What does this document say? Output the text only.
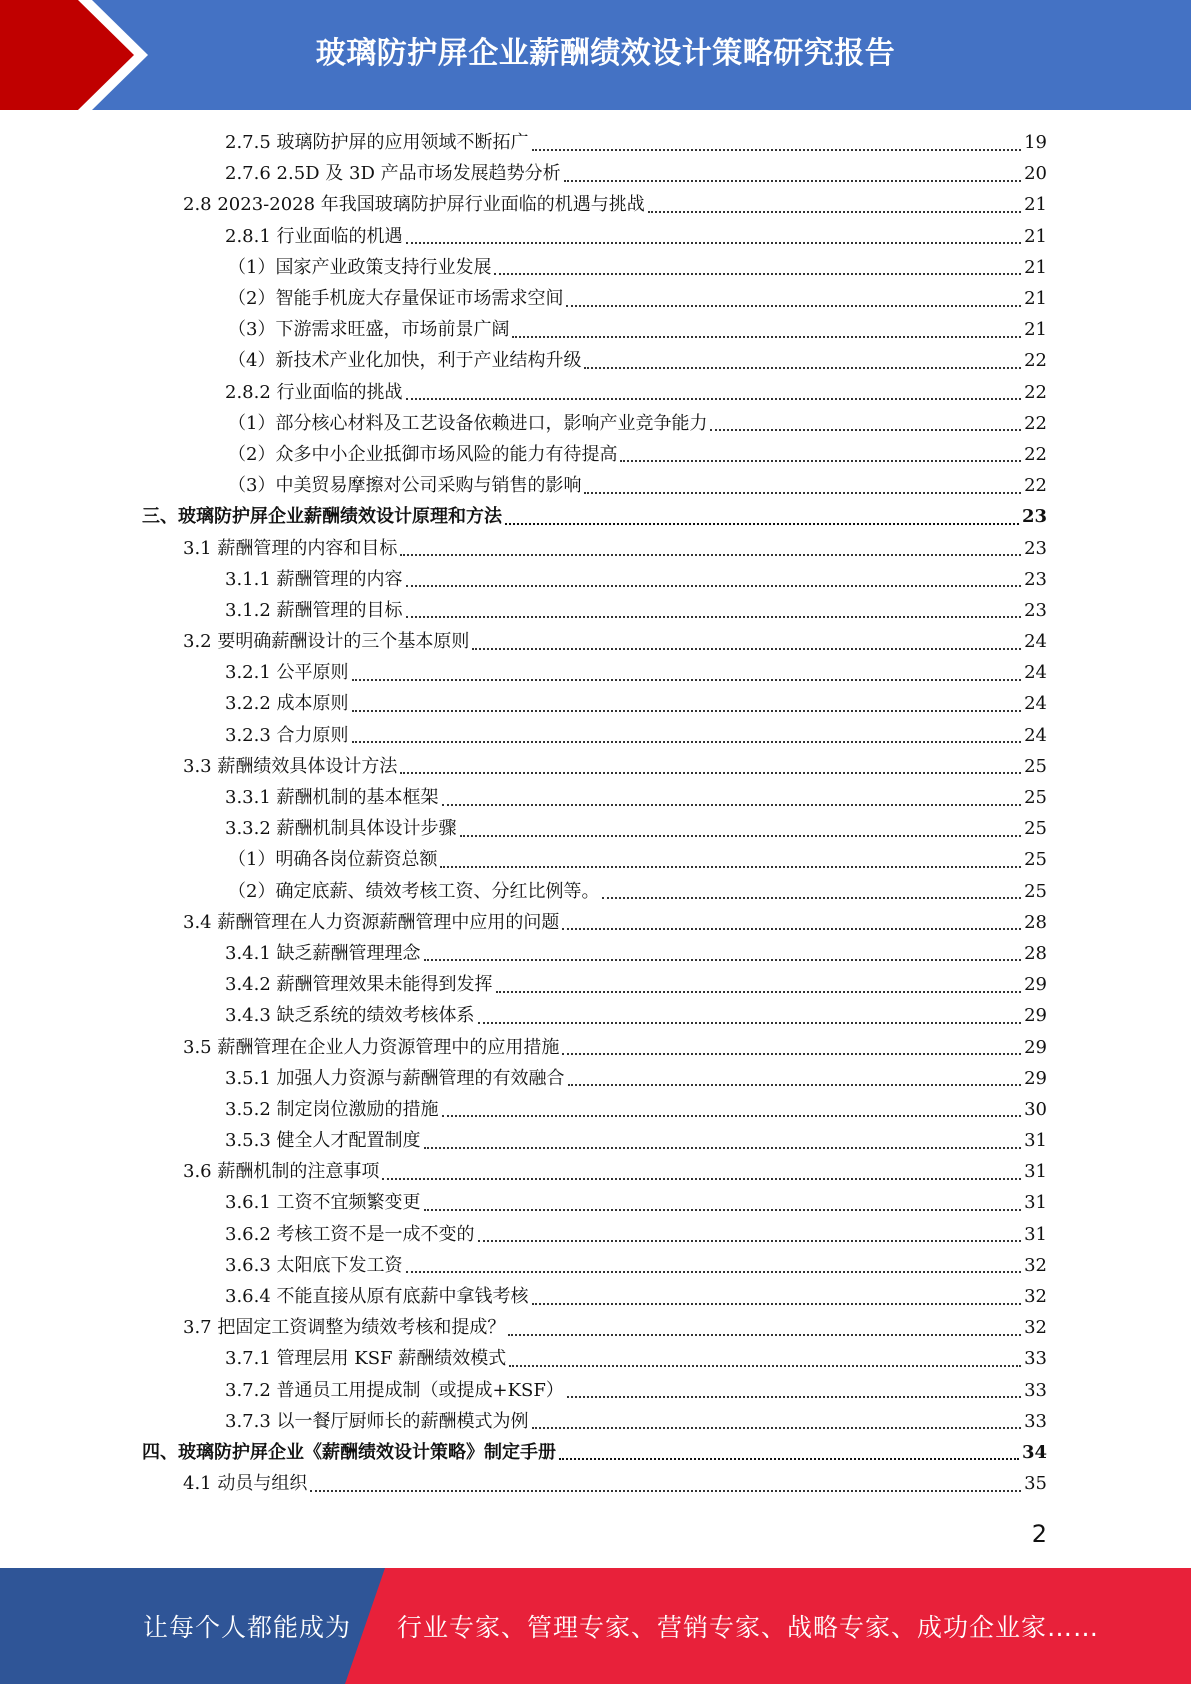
玻璃防护屏企业薪酬绩效设计策略研究报告
2.7.5 玻璃防护屏的应用领域不断拓广	19
2.7.6 2.5D 及 3D 产品市场发展趋势分析	20
2.8 2023-2028 年我国玻璃防护屏行业面临的机遇与挑战	21
2.8.1 行业面临的机遇	21
（1）国家产业政策支持行业发展	21
（2）智能手机庞大存量保证市场需求空间	21
（3）下游需求旺盛，市场前景广阔	21
（4）新技术产业化加快，利于产业结构升级	22
2.8.2 行业面临的挑战	22
（1）部分核心材料及工艺设备依赖进口，影响产业竞争能力	22
（2）众多中小企业抵御市场风险的能力有待提高	22
（3）中美贸易摩擦对公司采购与销售的影响	22
三、玻璃防护屏企业薪酬绩效设计原理和方法	23
3.1 薪酬管理的内容和目标	23
3.1.1 薪酬管理的内容	23
3.1.2 薪酬管理的目标	23
3.2 要明确薪酬设计的三个基本原则	24
3.2.1 公平原则	24
3.2.2 成本原则	24
3.2.3 合力原则	24
3.3 薪酬绩效具体设计方法	25
3.3.1 薪酬机制的基本框架	25
3.3.2 薪酬机制具体设计步骤	25
（1）明确各岗位薪资总额	25
（2）确定底薪、绩效考核工资、分红比例等。	25
3.4 薪酬管理在人力资源薪酬管理中应用的问题	28
3.4.1 缺乏薪酬管理理念	28
3.4.2 薪酬管理效果未能得到发挥	29
3.4.3 缺乏系统的绩效考核体系	29
3.5 薪酬管理在企业人力资源管理中的应用措施	29
3.5.1 加强人力资源与薪酬管理的有效融合	29
3.5.2 制定岗位激励的措施	30
3.5.3 健全人才配置制度	31
3.6 薪酬机制的注意事项	31
3.6.1 工资不宜频繁变更	31
3.6.2 考核工资不是一成不变的	31
3.6.3 太阳底下发工资	32
3.6.4 不能直接从原有底薪中拿钱考核	32
3.7 把固定工资调整为绩效考核和提成？	32
3.7.1 管理层用 KSF 薪酬绩效模式	33
3.7.2 普通员工用提成制（或提成+KSF）	33
3.7.3 以一餐厅厨师长的薪酬模式为例	33
四、玻璃防护屏企业《薪酬绩效设计策略》制定手册	34
4.1 动员与组织	35
2
让每个人都能成为 行业专家、管理专家、营销专家、战略专家、成功企业家……
